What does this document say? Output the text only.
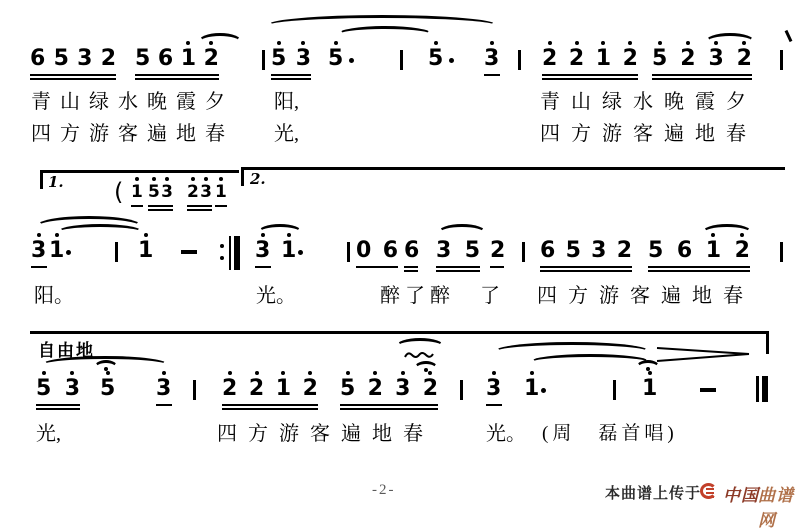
6 5 3 2 5 6 1 2 5 3 5	5 3 2 2 1 2 5 2 3 2
青山绿水晚霞夕 阳,	青山绿水晚霞夕
四方游客遍地春 光,	四方游客遍地春
1. ( 1 5 3 2 3 1
2.
3 1	1	3 1	0 6 6 3 5 2 6 5 3 2 5 6 1 2
阳。	光。	醉了醉　了 四方游客遍地春
自由地
5 3 5 3 2 2 1 2 5 2 3 2 3 1	1
光,	四方游客遍地春	光。 (周　磊首唱)
-2-	本曲谱上传于 中国 曲谱网
